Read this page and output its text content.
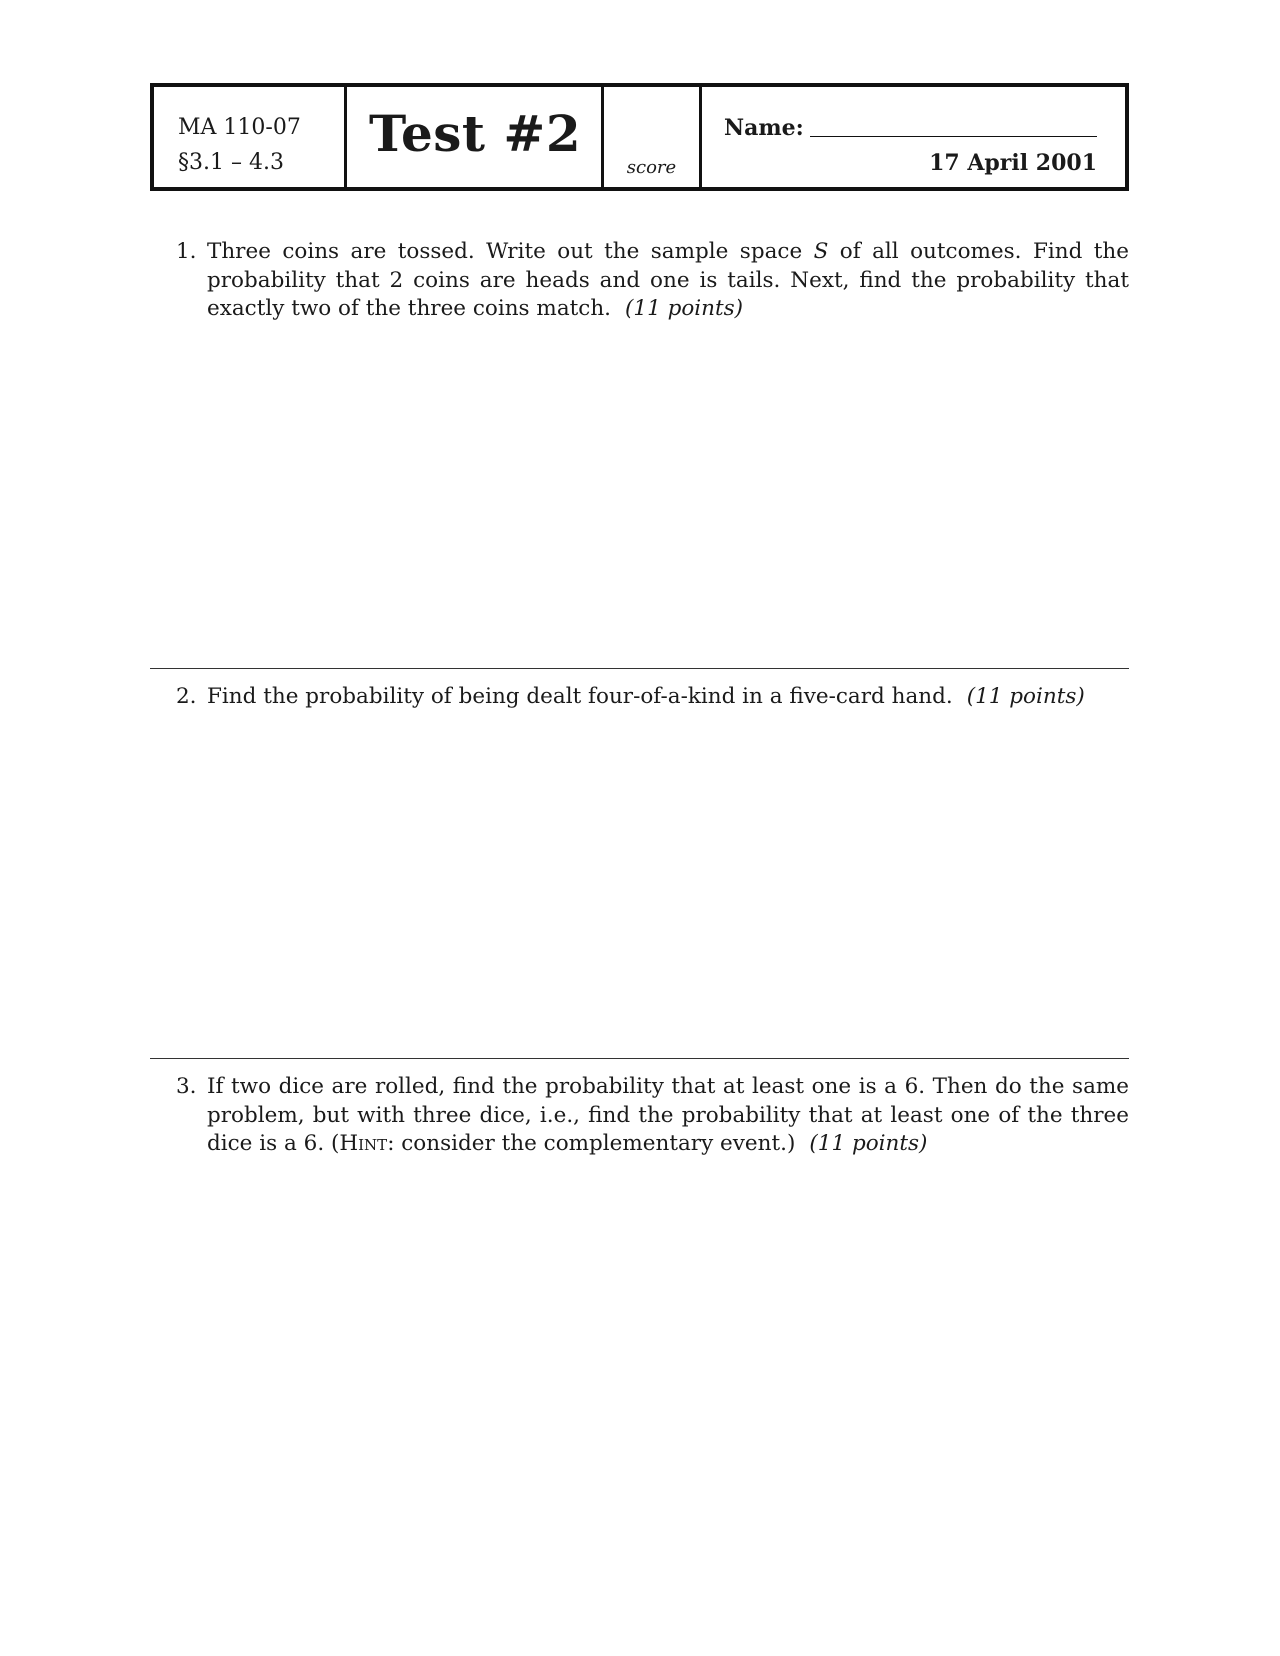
MA 110-07
§3.1 – 4.3 Test #2
score
Name:
17 April 2001
1. Three coins are tossed. Write out the sample space S of all outcomes. Find the probability that 2 coins are heads and one is tails. Next, find the probability that exactly two of the three coins match. (11 points)
2. Find the probability of being dealt four-of-a-kind in a five-card hand. (11 points)
3. If two dice are rolled, find the probability that at least one is a 6. Then do the same problem, but with three dice, i.e., find the probability that at least one of the three dice is a 6. (Hint: consider the complementary event.) (11 points)
